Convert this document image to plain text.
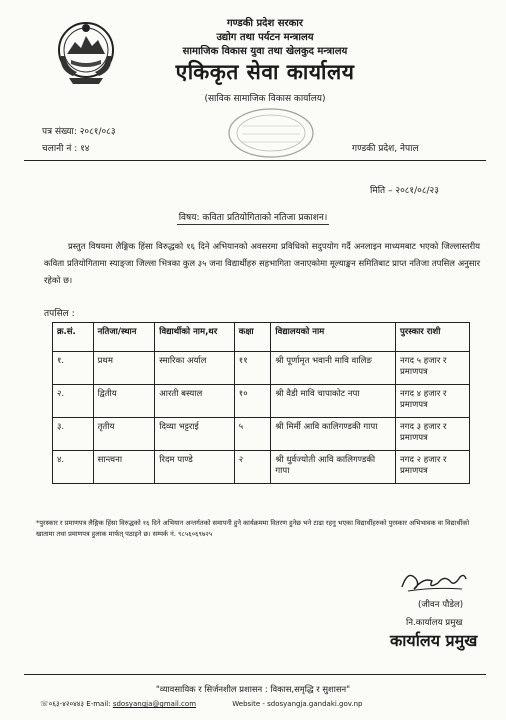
गण्डकी प्रदेश सरकार
उद्योग तथा पर्यटन मन्त्रालय
सामाजिक विकास युवा तथा खेलकुद मन्त्रालय
एकिकृत सेवा कार्यालय
(साविक सामाजिक विकास कार्यालय)
पत्र संख्या: २०८१/०८३
चलानी नं : १४	गण्डकी प्रदेश, नेपाल
मिति – २०८१/०८/२३
विषय: कविता प्रतियोगिताको नतिजा प्रकाशन।
प्रस्तुत विषयमा लैङ्गिक हिंसा विरुद्धको १६ दिने अभियानको अवसरमा प्रविधिको सदुपयोग गर्दै अनलाइन माध्यमबाट भएको जिल्लास्तरीय कविता प्रतियोगितामा स्याङ्जा जिल्ला भित्रका कुल ३५ जना विद्यार्थीहरु सहभागिता जनाएकोमा मूल्याङ्कन समितिबाट प्राप्त नतिजा तपसिल अनुसार रहेको छ।
तपसिल :
क्र.सं.	नतिजा/स्थान	विद्यार्थीको नाम,थर	कक्षा	विद्यालयको नाम	पुरस्कार राशी
१.	प्रथम	स्मारिका अर्याल	११	श्री पूर्णामृत भवानी मावि वालिङ	नगद ५ हजार र प्रमाणपत्र
२.	द्वितीय	आरती बस्याल	१०	श्री वैडी मावि चापाकोट नपा	नगद ४ हजार र प्रमाणपत्र
३.	तृतीय	दिव्या भट्टराई	५	श्री मिर्मी आवि कालिगण्डकी गापा	नगद ३ हजार र प्रमाणपत्र
४.	सान्त्वना	रिदम पाण्डे	२	श्री धुर्वज्योती आवि कालिगण्डकी गापा	नगद २ हजार र प्रमाणपत्र
*पुरस्कार र प्रमाणपत्र लैङ्गिक हिंसा विरुद्धको १६ दिने अभियान अन्तर्गतको समापनी हुने कार्यक्रममा वितरण हुनेछ भने टाढा रहनु भएका विद्यार्थीहरुको पुरस्कार अभिभावक वा विद्यार्थीको खातामा तथा प्रमाणपत्र हुलाक मार्फत् पठाइने छ। सम्पर्क नं. ९८५६०६९७२५
(जीवन पौडेल)
नि.कार्यालय प्रमुख
कार्यालय प्रमुख
"व्यावसायिक र सिर्जनशील प्रशासन : विकास,समृद्धि र सुशासन"
☏०६३-४२०४४३ E-mail: sdosyangja@gmail.com	Website - sdosyangja.gandaki.gov.np
